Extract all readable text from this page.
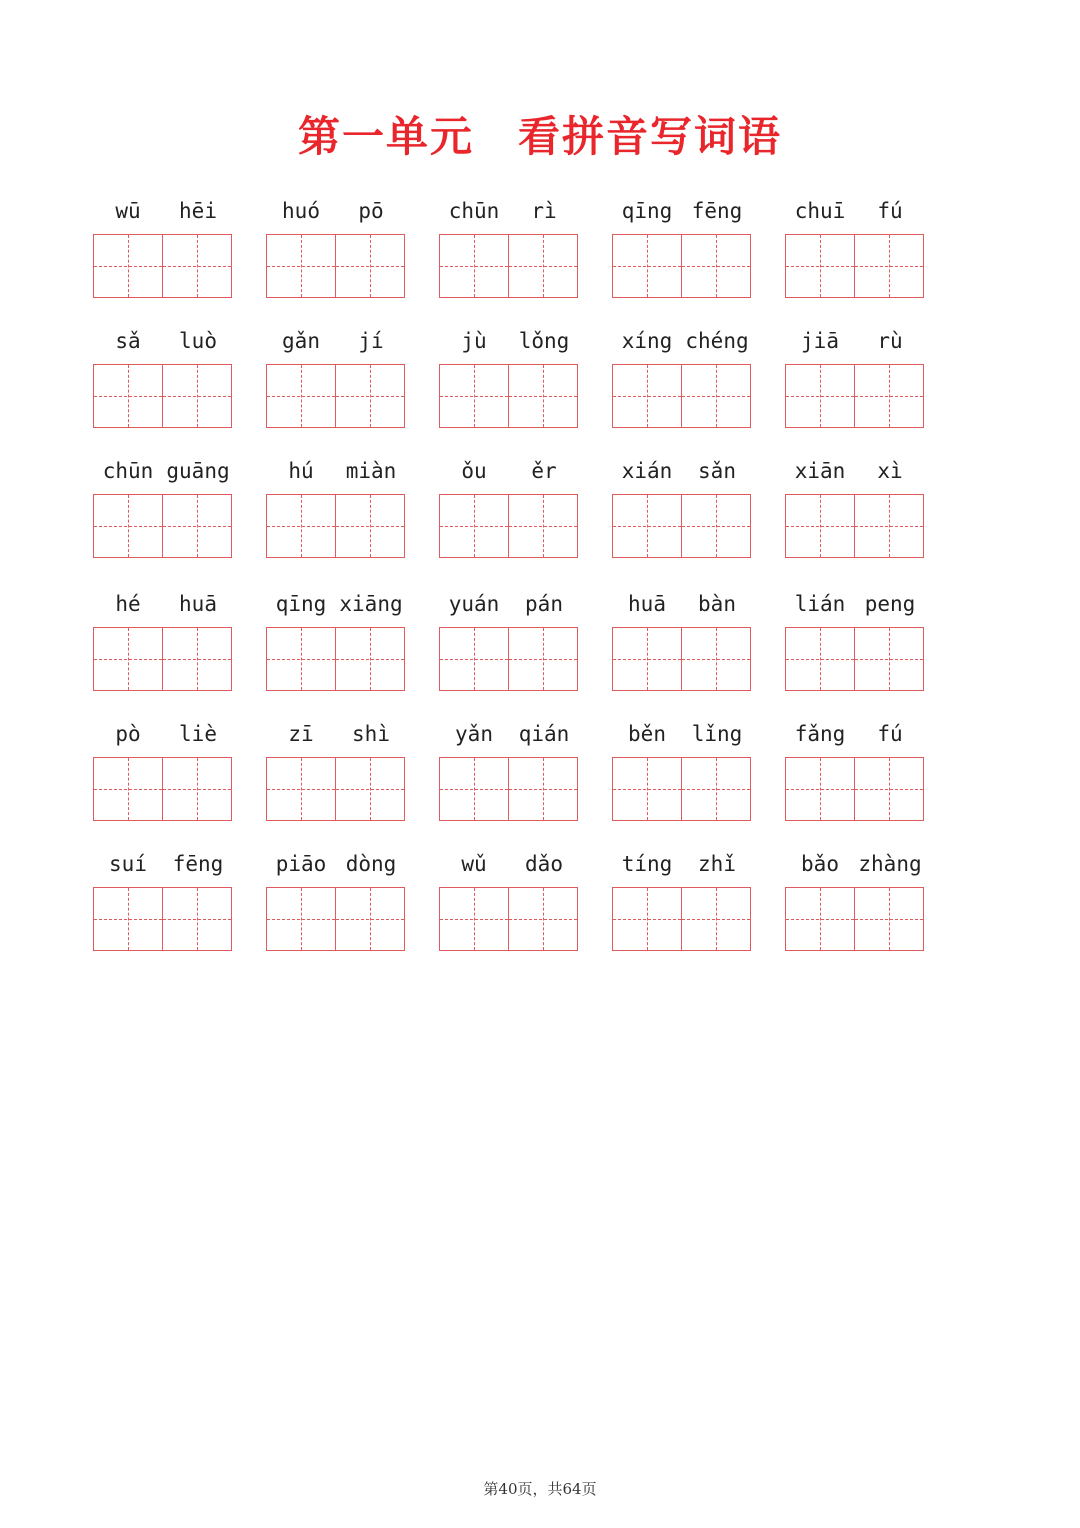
第一单元　看拼音写词语
wū	hēi	huó	pō	chūn	rì	qīng fēng	chuī	fú
sǎ	luò	gǎn	jí	jù	lǒng	xíng chéng	jiā	rù
chūn guāng	hú	miàn	ǒu	ěr	xián	sǎn	xiān	xì
hé	huā	qīng xiāng	yuán	pán	huā	bàn	lián peng
pò	liè	zī	shì	yǎn	qián	běn	lǐng	fǎng	fú
suí	fēng	piāo dòng	wǔ	dǎo	tíng	zhǐ	bǎo zhàng
第40页，共64页
